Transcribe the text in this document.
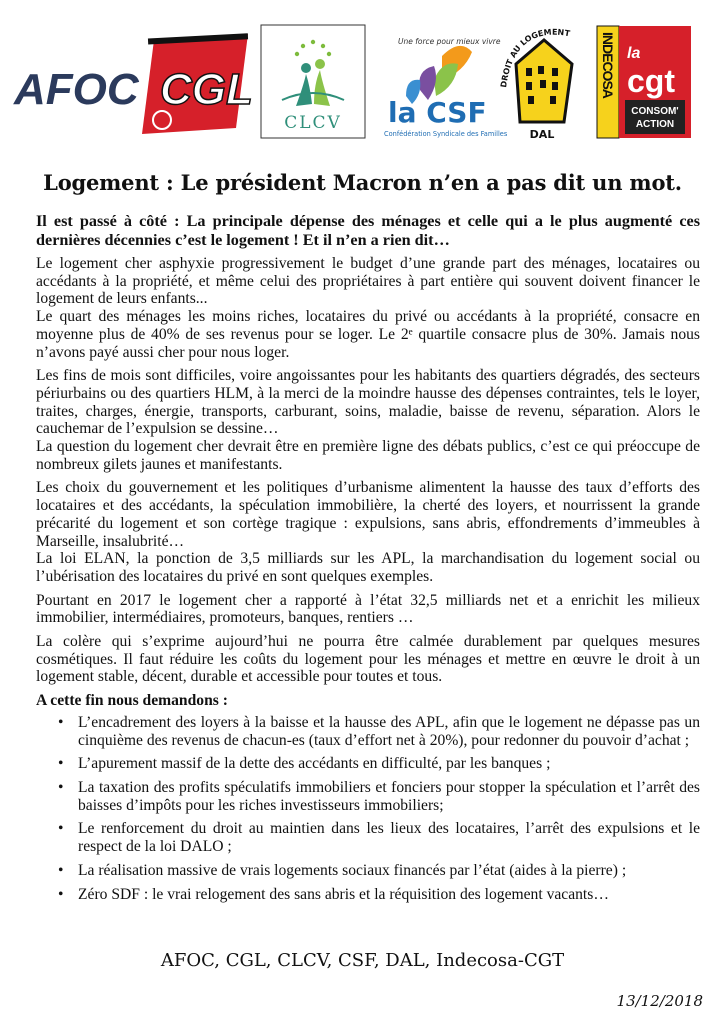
AFOC CGL
CLCV
Une force pour mieux vivre
la CSF
Confédération Syndicale des Familles
DROIT AU LOGEMENT
DAL
INDECOSA la
cgt
CONSOM'
ACTION
Logement : Le président Macron n’en a pas dit un mot.
Il est passé à côté : La principale dépense des ménages et celle qui a le plus augmenté ces dernières décennies c’est le logement ! Et il n’en a rien dit…

Le logement cher asphyxie progressivement le budget d’une grande part des ménages, locataires ou accédants à la propriété, et même celui des propriétaires à part entière qui souvent doivent financer le logement de leurs enfants...

Le quart des ménages les moins riches, locataires du privé ou accédants à la propriété, consacre en moyenne plus de 40% de ses revenus pour se loger. Le 2ᵉ quartile consacre plus de 30%. Jamais nous n’avons payé aussi cher pour nous loger.

Les fins de mois sont difficiles, voire angoissantes pour les habitants des quartiers dégradés, des secteurs périurbains ou des quartiers HLM, à la merci de la moindre hausse des dépenses contraintes, tels le loyer, traites, charges, énergie, transports, carburant, soins, maladie, baisse de revenu, séparation. Alors le cauchemar de l’expulsion se dessine…

La question du logement cher devrait être en première ligne des débats publics, c’est ce qui préoccupe de nombreux gilets jaunes et manifestants.

Les choix du gouvernement et les politiques d’urbanisme alimentent la hausse des taux d’efforts des locataires et des accédants, la spéculation immobilière, la cherté des loyers, et nourrissent la grande précarité du logement et son cortège tragique : expulsions, sans abris, effondrements d’immeubles à Marseille, insalubrité…

La loi ELAN, la ponction de 3,5 milliards sur les APL, la marchandisation du logement social ou l’ubérisation des locataires du privé en sont quelques exemples.

Pourtant en 2017 le logement cher a rapporté à l’état 32,5 milliards net et a enrichit les milieux immobilier, intermédiaires, promoteurs, banques, rentiers …

La colère qui s’exprime aujourd’hui ne pourra être calmée durablement par quelques mesures cosmétiques. Il faut réduire les coûts du logement pour les ménages et mettre en œuvre le droit à un logement stable, décent, durable et accessible pour toutes et tous.

A cette fin nous demandons :
• L’encadrement des loyers à la baisse et la hausse des APL, afin que le logement ne dépasse pas un cinquième des revenus de chacun-es (taux d’effort net à 20%), pour redonner du pouvoir d’achat ;
• L’apurement massif de la dette des accédants en difficulté, par les banques ;
• La taxation des profits spéculatifs immobiliers et fonciers pour stopper la spéculation et l’arrêt des baisses d’impôts pour les riches investisseurs immobiliers;
• Le renforcement du droit au maintien dans les lieux des locataires, l’arrêt des expulsions et le respect de la loi DALO ;
• La réalisation massive de vrais logements sociaux financés par l’état (aides à la pierre) ;
• Zéro SDF : le vrai relogement des sans abris et la réquisition des logement vacants…
AFOC, CGL, CLCV, CSF, DAL, Indecosa-CGT
13/12/2018
